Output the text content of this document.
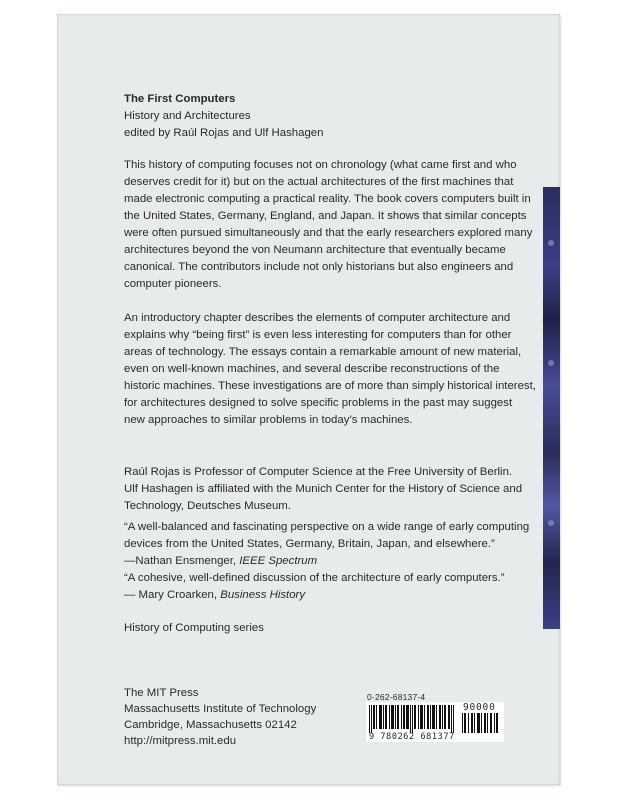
The First Computers
History and Architectures
edited by Raúl Rojas and Ulf Hashagen

This history of computing focuses not on chronology (what came first and who deserves credit for it) but on the actual architectures of the first machines that made electronic computing a practical reality. The book covers computers built in the United States, Germany, England, and Japan. It shows that similar concepts were often pursued simultaneously and that the early researchers explored many architectures beyond the von Neumann architecture that eventually became canonical. The contributors include not only historians but also engineers and computer pioneers.

An introductory chapter describes the elements of computer architecture and explains why “being first” is even less interesting for computers than for other areas of technology. The essays contain a remarkable amount of new material, even on well-known machines, and several describe reconstructions of the historic machines. These investigations are of more than simply historical interest, for architectures designed to solve specific problems in the past may suggest new approaches to similar problems in today’s machines.

Raúl Rojas is Professor of Computer Science at the Free University of Berlin.
Ulf Hashagen is affiliated with the Munich Center for the History of Science and Technology, Deutsches Museum.
“A well-balanced and fascinating perspective on a wide range of early computing devices from the United States, Germany, Britain, Japan, and elsewhere.”
—Nathan Ensmenger, IEEE Spectrum
“A cohesive, well-defined discussion of the architecture of early computers.”
— Mary Croarken, Business History
History of Computing series
The MIT Press
Massachusetts Institute of Technology
Cambridge, Massachusetts 02142
http://mitpress.mit.edu
0-262-68137-4
9 780262 681377
90000
